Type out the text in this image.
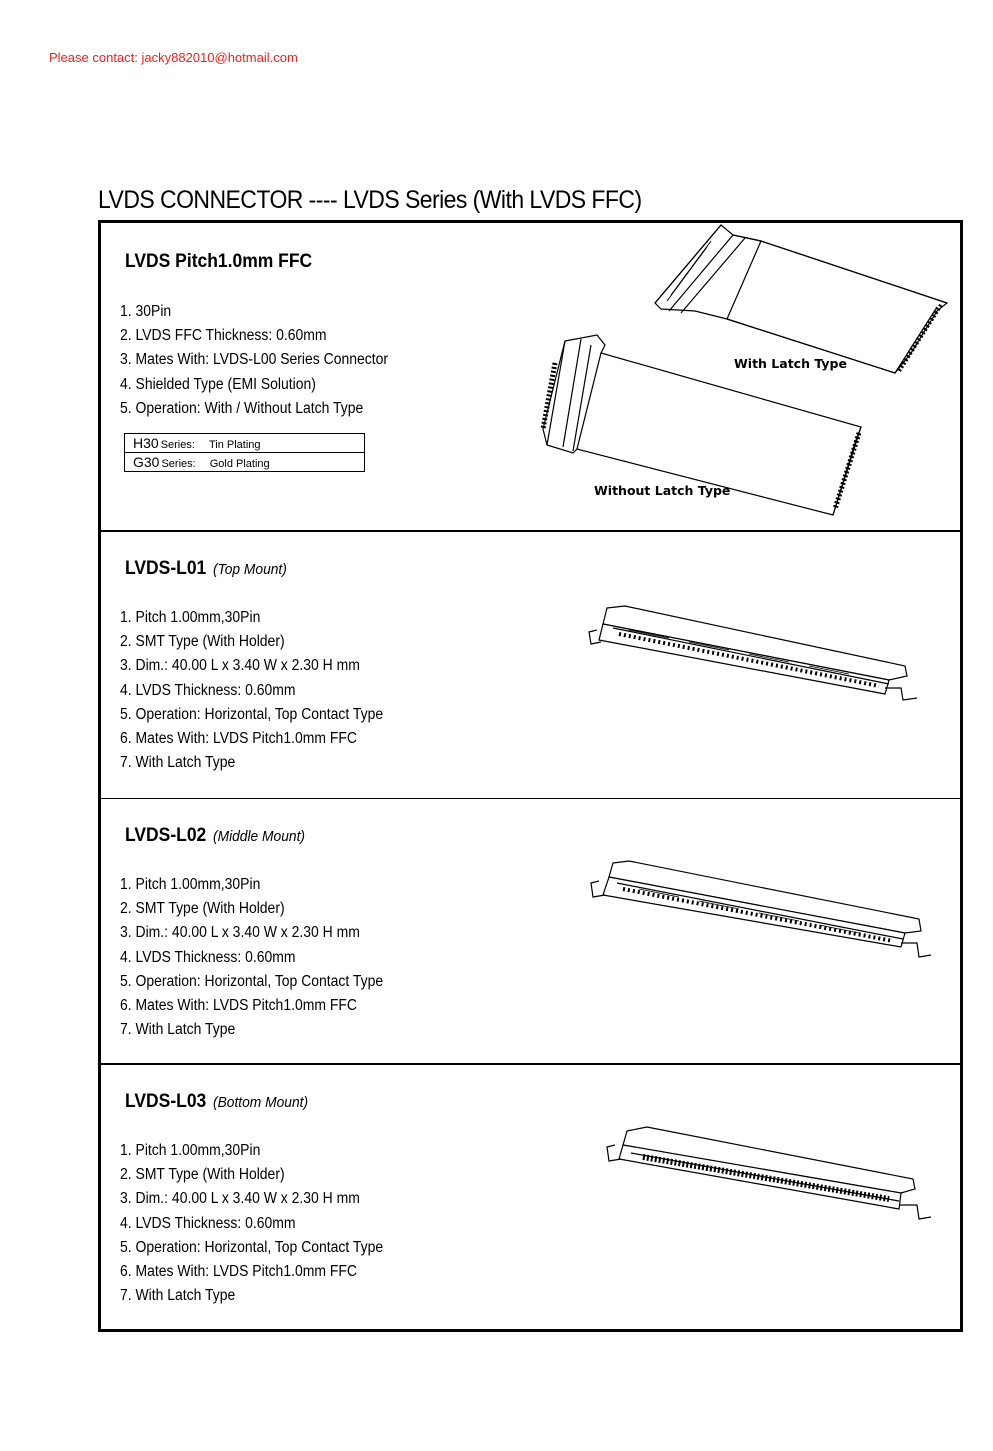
Please contact: jacky882010@hotmail.com
LVDS CONNECTOR ---- LVDS Series (With LVDS FFC)
LVDS Pitch1.0mm FFC
1. 30Pin
2. LVDS FFC Thickness: 0.60mm
3. Mates With: LVDS-L00 Series Connector
4. Shielded Type (EMI Solution)
5. Operation: With / Without Latch Type
H30 Series: Tin Plating
G30 Series: Gold Plating
With Latch Type
Without Latch Type
LVDS-L01 (Top Mount)
1. Pitch 1.00mm,30Pin
2. SMT Type (With Holder)
3. Dim.: 40.00 L x 3.40 W x 2.30 H mm
4. LVDS Thickness: 0.60mm
5. Operation: Horizontal, Top Contact Type
6. Mates With: LVDS Pitch1.0mm FFC
7. With Latch Type
LVDS-L02 (Middle Mount)
1. Pitch 1.00mm,30Pin
2. SMT Type (With Holder)
3. Dim.: 40.00 L x 3.40 W x 2.30 H mm
4. LVDS Thickness: 0.60mm
5. Operation: Horizontal, Top Contact Type
6. Mates With: LVDS Pitch1.0mm FFC
7. With Latch Type
LVDS-L03 (Bottom Mount)
1. Pitch 1.00mm,30Pin
2. SMT Type (With Holder)
3. Dim.: 40.00 L x 3.40 W x 2.30 H mm
4. LVDS Thickness: 0.60mm
5. Operation: Horizontal, Top Contact Type
6. Mates With: LVDS Pitch1.0mm FFC
7. With Latch Type
